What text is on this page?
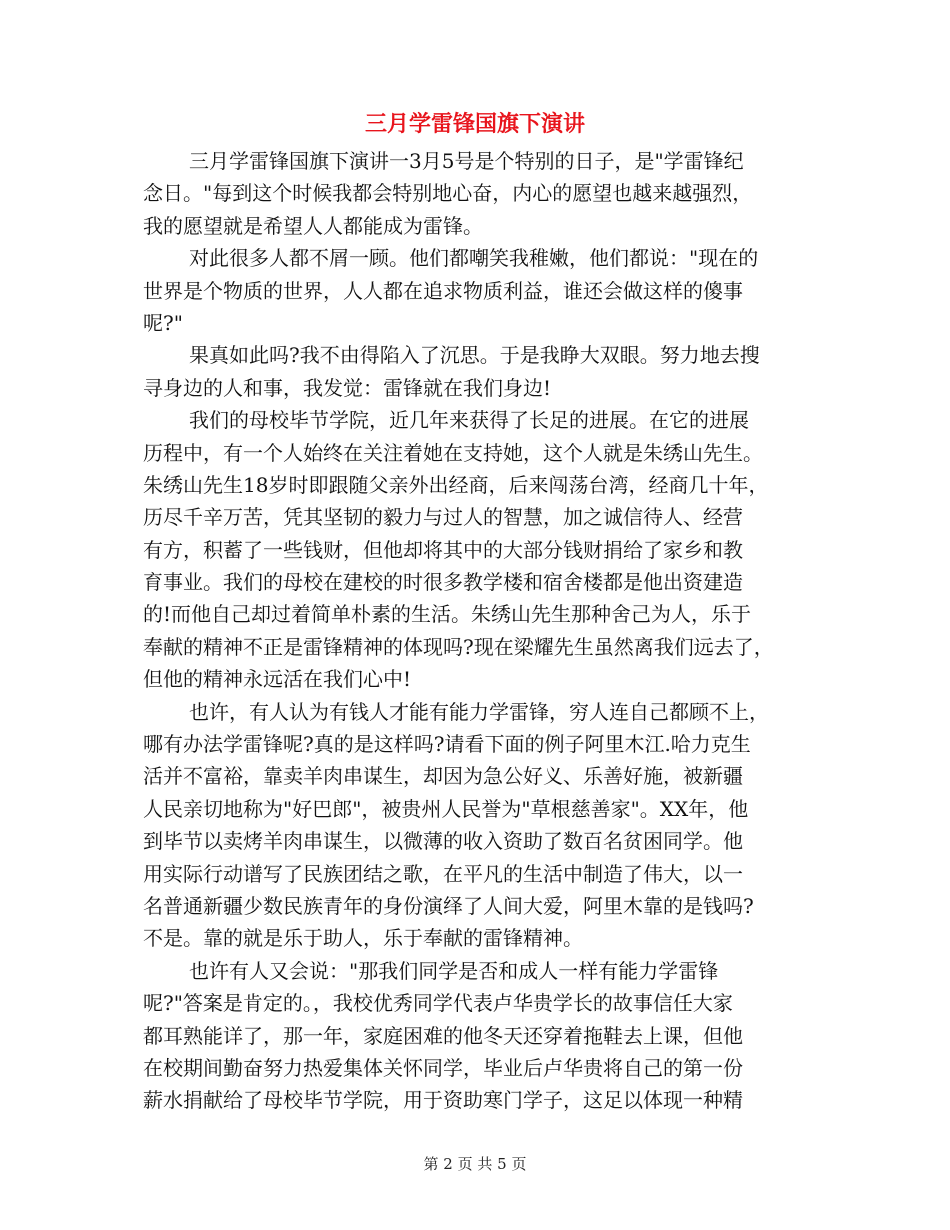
三月学雷锋国旗下演讲
三月学雷锋国旗下演讲一3月5号是个特别的日子，是"学雷锋纪
念日。"每到这个时候我都会特别地心奋，内心的愿望也越来越强烈，
我的愿望就是希望人人都能成为雷锋。
对此很多人都不屑一顾。他们都嘲笑我稚嫩，他们都说："现在的
世界是个物质的世界，人人都在追求物质利益，谁还会做这样的傻事
呢?"
果真如此吗?我不由得陷入了沉思。于是我睁大双眼。努力地去搜
寻身边的人和事，我发觉：雷锋就在我们身边!
我们的母校毕节学院，近几年来获得了长足的进展。在它的进展
历程中，有一个人始终在关注着她在支持她，这个人就是朱绣山先生。
朱绣山先生18岁时即跟随父亲外出经商，后来闯荡台湾，经商几十年，
历尽千辛万苦，凭其坚韧的毅力与过人的智慧，加之诚信待人、经营
有方，积蓄了一些钱财，但他却将其中的大部分钱财捐给了家乡和教
育事业。我们的母校在建校的时很多教学楼和宿舍楼都是他出资建造
的!而他自己却过着简单朴素的生活。朱绣山先生那种舍己为人，乐于
奉献的精神不正是雷锋精神的体现吗?现在梁耀先生虽然离我们远去了，
但他的精神永远活在我们心中!
也许，有人认为有钱人才能有能力学雷锋，穷人连自己都顾不上，
哪有办法学雷锋呢?真的是这样吗?请看下面的例子阿里木江.哈力克生
活并不富裕，靠卖羊肉串谋生，却因为急公好义、乐善好施，被新疆
人民亲切地称为"好巴郎"，被贵州人民誉为"草根慈善家"。XX年，他
到毕节以卖烤羊肉串谋生，以微薄的收入资助了数百名贫困同学。他
用实际行动谱写了民族团结之歌，在平凡的生活中制造了伟大，以一
名普通新疆少数民族青年的身份演绎了人间大爱，阿里木靠的是钱吗?
不是。靠的就是乐于助人，乐于奉献的雷锋精神。
也许有人又会说："那我们同学是否和成人一样有能力学雷锋
呢?"答案是肯定的。，我校优秀同学代表卢华贵学长的故事信任大家
都耳熟能详了，那一年，家庭困难的他冬天还穿着拖鞋去上课，但他
在校期间勤奋努力热爱集体关怀同学，毕业后卢华贵将自己的第一份
薪水捐献给了母校毕节学院，用于资助寒门学子，这足以体现一种精
第 2 页 共 5 页
